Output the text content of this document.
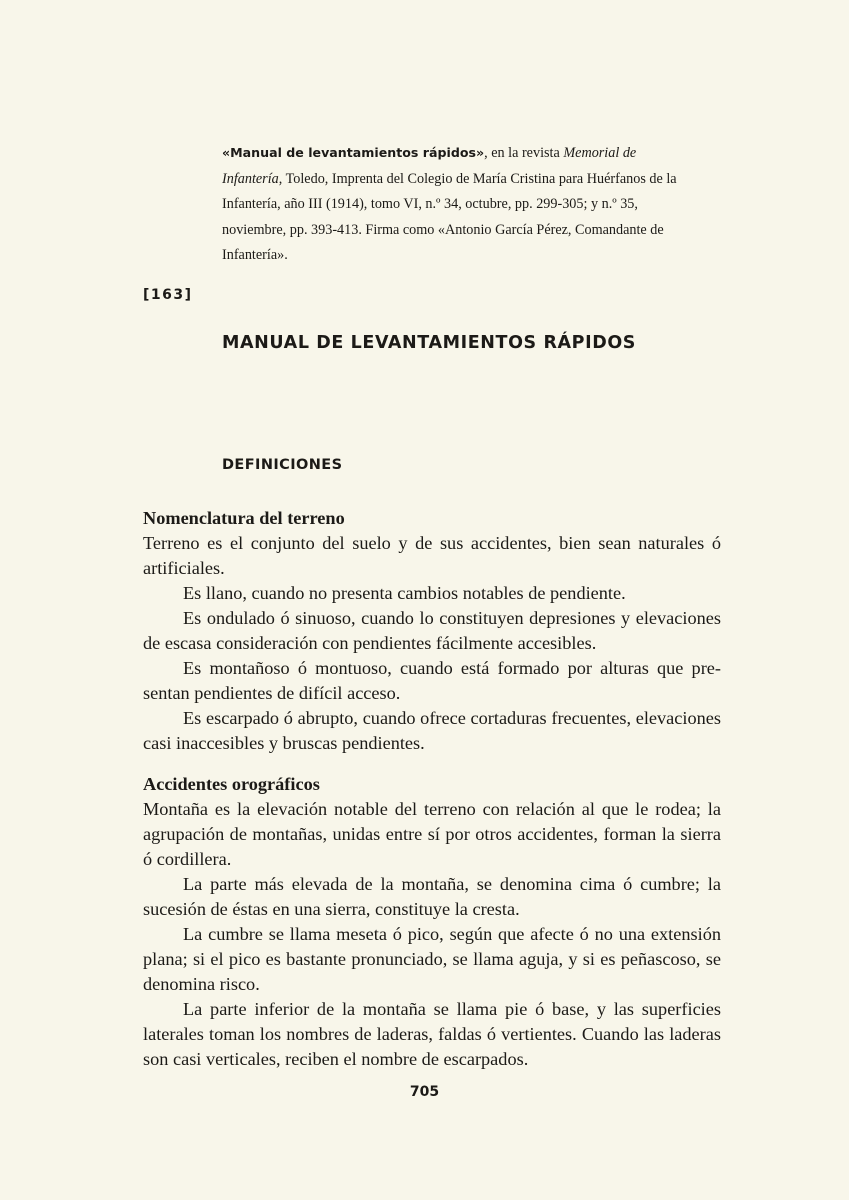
«Manual de levantamientos rápidos», en la revista Memorial de Infantería, Toledo, Imprenta del Colegio de María Cristina para Huérfanos de la Infantería, año III (1914), tomo VI, n.º 34, octubre, pp. 299-305; y n.º 35, noviembre, pp. 393-413. Firma como «Antonio García Pérez, Comandante de Infantería».
[163]
MANUAL DE LEVANTAMIENTOS RÁPIDOS
DEFINICIONES
Nomenclatura del terreno

Terreno es el conjunto del suelo y de sus accidentes, bien sean naturales ó artificiales.

Es llano, cuando no presenta cambios notables de pendiente.

Es ondulado ó sinuoso, cuando lo constituyen depresiones y elevaciones de escasa consideración con pendientes fácilmente accesibles.

Es montañoso ó montuoso, cuando está formado por alturas que presentan pendientes de difícil acceso.

Es escarpado ó abrupto, cuando ofrece cortaduras frecuentes, elevaciones casi inaccesibles y bruscas pendientes.

Accidentes orográficos

Montaña es la elevación notable del terreno con relación al que le rodea; la agrupación de montañas, unidas entre sí por otros accidentes, forman la sierra ó cordillera.

La parte más elevada de la montaña, se denomina cima ó cumbre; la sucesión de éstas en una sierra, constituye la cresta.

La cumbre se llama meseta ó pico, según que afecte ó no una extensión plana; si el pico es bastante pronunciado, se llama aguja, y si es peñascoso, se denomina risco.

La parte inferior de la montaña se llama pie ó base, y las superficies laterales toman los nombres de laderas, faldas ó vertientes. Cuando las laderas son casi verticales, reciben el nombre de escarpados.

705
